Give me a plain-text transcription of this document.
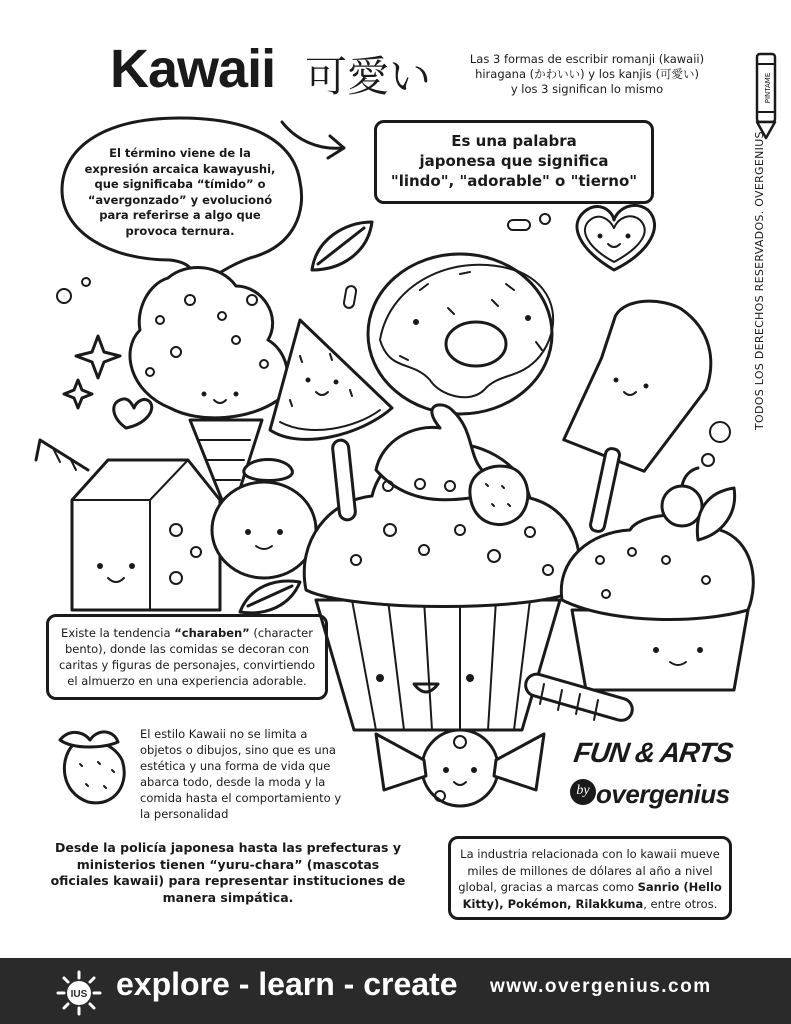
Kawaii 可愛い	Las 3 formas de escribir romanji (kawaii)
hiragana (かわいい) y los kanjis (可愛い)
y los 3 significan lo mismo
El término viene de la expresión arcaica kawayushi, que significaba “tímido” o “avergonzado” y evolucionó para referirse a algo que provoca ternura.
Es una palabra
japonesa que significa
"lindo", "adorable" o "tierno"
Existe la tendencia “charaben” (character bento), donde las comidas se decoran con caritas y figuras de personajes, convirtiendo el almuerzo en una experiencia adorable.
El estilo Kawaii no se limita a objetos o dibujos, sino que es una estética y una forma de vida que abarca todo, desde la moda y la comida hasta el comportamiento y la personalidad
Desde la policía japonesa hasta las prefecturas y ministerios tienen “yuru-chara” (mascotas oficiales kawaii) para representar instituciones de manera simpática.
La industria relacionada con lo kawaii mueve miles de millones de dólares al año a nivel global, gracias a marcas como Sanrio (Hello Kitty), Pokémon, Rilakkuma, entre otros.
TODOS LOS DERECHOS RESERVADOS. OVERGENIUS
PINTAME
FUN & ARTS
by overgenius
IUS explore - learn - create www.overgenius.com
